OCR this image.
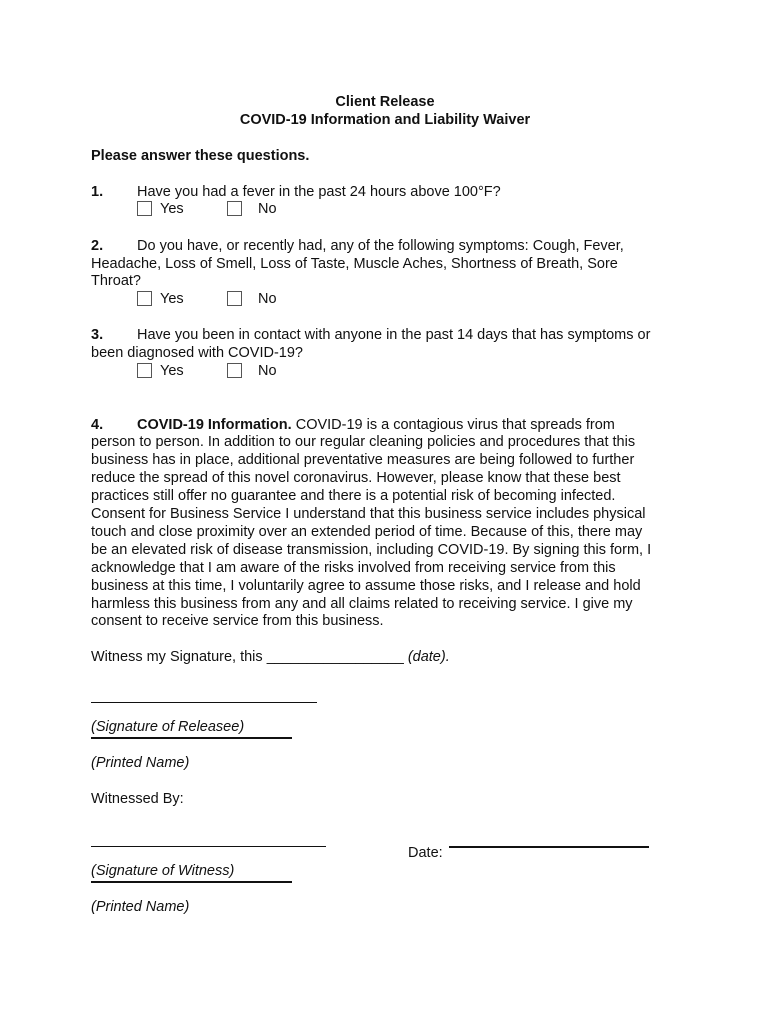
Client Release
COVID-19 Information and Liability Waiver
Please answer these questions.
1. Have you had a fever in the past 24 hours above 100°F?
Yes	No
2. Do you have, or recently had, any of the following symptoms: Cough, Fever,
Headache, Loss of Smell, Loss of Taste, Muscle Aches, Shortness of Breath, Sore
Throat?
Yes	No
3. Have you been in contact with anyone in the past 14 days that has symptoms or
been diagnosed with COVID-19?
Yes	No
4. COVID-19 Information. COVID-19 is a contagious virus that spreads from
person to person. In addition to our regular cleaning policies and procedures that this
business has in place, additional preventative measures are being followed to further
reduce the spread of this novel coronavirus. However, please know that these best
practices still offer no guarantee and there is a potential risk of becoming infected.
Consent for Business Service I understand that this business service includes physical
touch and close proximity over an extended period of time. Because of this, there may
be an elevated risk of disease transmission, including COVID-19. By signing this form, I
acknowledge that I am aware of the risks involved from receiving service from this
business at this time, I voluntarily agree to assume those risks, and I release and hold
harmless this business from any and all claims related to receiving service. I give my
consent to receive service from this business.
Witness my Signature, this _________________ (date).
(Signature of Releasee)
(Printed Name)
Witnessed By:
Date:
(Signature of Witness)
(Printed Name)
